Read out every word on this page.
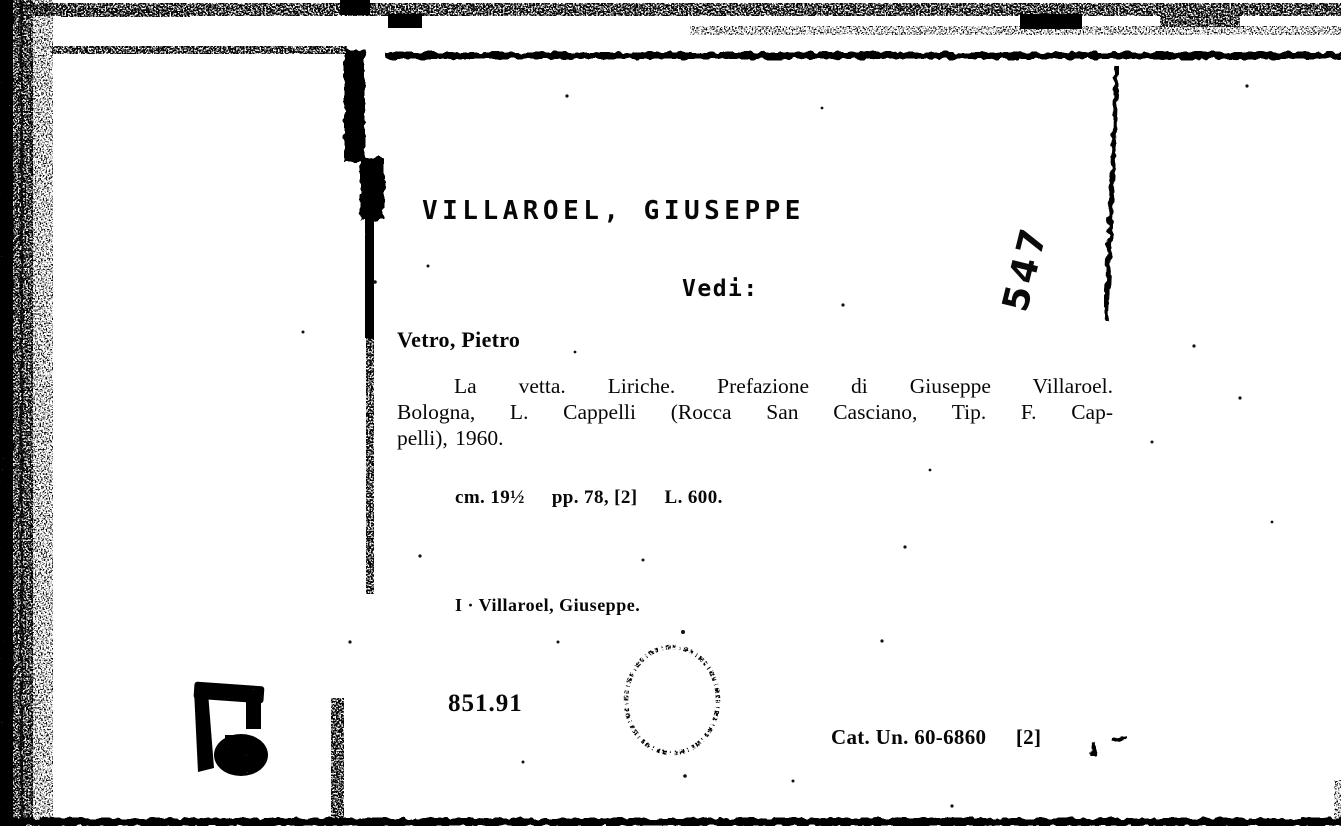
VILLAROEL, GIUSEPPE
Vedi:
Vetro, Pietro
La vetta. Liriche. Prefazione di Giuseppe Villaroel.
Bologna, L. Cappelli (Rocca San Casciano, Tip. F. Cap-
pelli), 1960.
cm. 19½ pp. 78, [2] L. 600.
I · Villaroel, Giuseppe.
851.91
Cat. Un. 60-6860 [2]
547
